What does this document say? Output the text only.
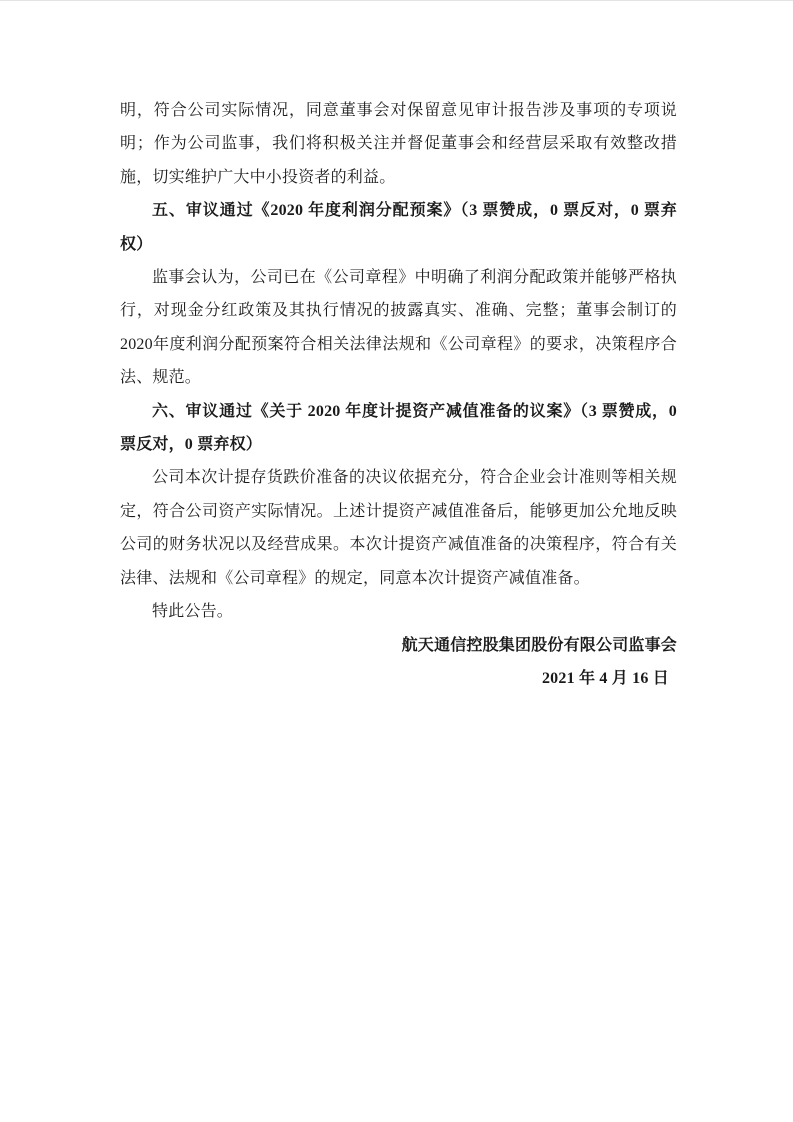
明，符合公司实际情况，同意董事会对保留意见审计报告涉及事项的专项说明；作为公司监事，我们将积极关注并督促董事会和经营层采取有效整改措施，切实维护广大中小投资者的利益。

五、审议通过《2020 年度利润分配预案》（3 票赞成，0 票反对，0 票弃权）

监事会认为，公司已在《公司章程》中明确了利润分配政策并能够严格执行，对现金分红政策及其执行情况的披露真实、准确、完整；董事会制订的2020年度利润分配预案符合相关法律法规和《公司章程》的要求，决策程序合法、规范。

六、审议通过《关于 2020 年度计提资产减值准备的议案》（3 票赞成，0 票反对，0 票弃权）

公司本次计提存货跌价准备的决议依据充分，符合企业会计准则等相关规定，符合公司资产实际情况。上述计提资产减值准备后，能够更加公允地反映公司的财务状况以及经营成果。本次计提资产减值准备的决策程序，符合有关法律、法规和《公司章程》的规定，同意本次计提资产减值准备。

特此公告。

航天通信控股集团股份有限公司监事会

2021 年 4 月 16 日
